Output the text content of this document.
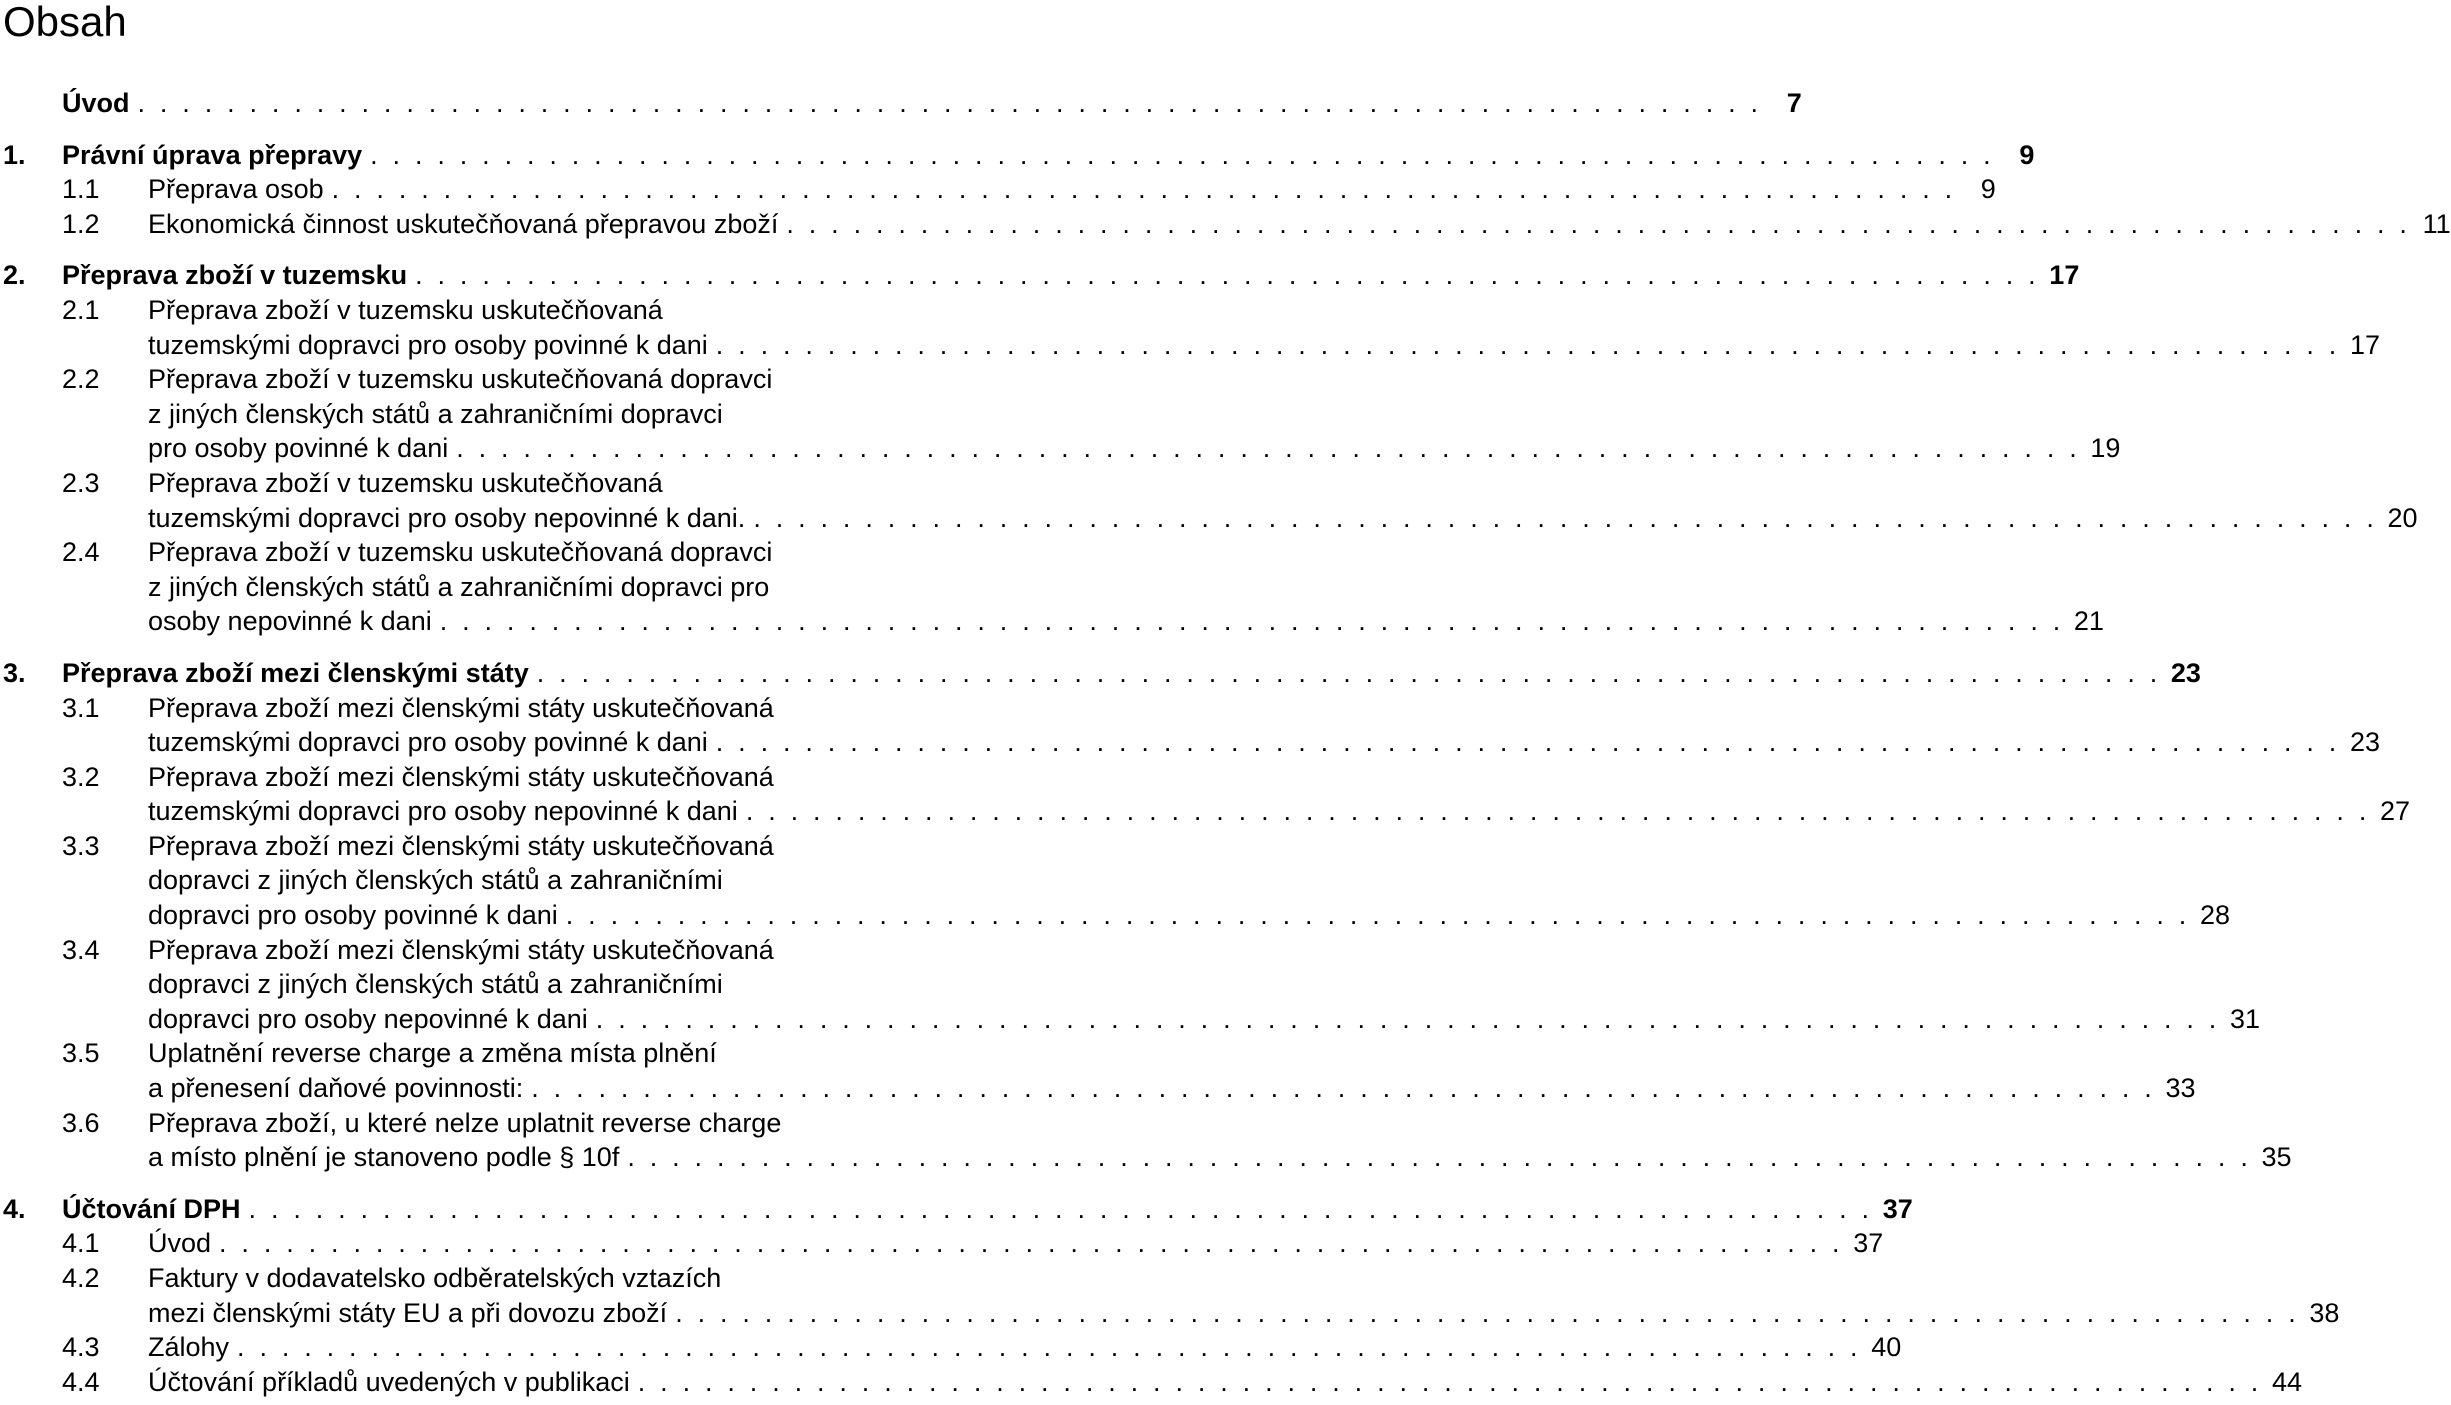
Obsah
Úvod . . . . . . . . . . . . . . . . . . . . . . . . . . . . . . . . . . . . . . . . . . . . . . . . . . . . . . . . . . . . . . . . . . . . . . . . . 7
1. Právní úprava přepravy . . . . . . . . . . . . . . . . . . . . . . . . . . . . . . . . . . . . . . . . . . . . . . . . . . . . . . . . . . . . . . . . . . . . . . . . . 9
1.1 Přeprava osob . . . . . . . . . . . . . . . . . . . . . . . . . . . . . . . . . . . . . . . . . . . . . . . . . . . . . . . . . . . . . . . . . . . . . . . . . 9
1.2 Ekonomická činnost uskutečňovaná přepravou zboží . . . . . . . . . . . . . . . . . . . . . . . . . . . . . . . . . . . . . . . . . . . . . . . . . . . . . . . . . . . . . . . . . . . . . . . . . 11
2. Přeprava zboží v tuzemsku . . . . . . . . . . . . . . . . . . . . . . . . . . . . . . . . . . . . . . . . . . . . . . . . . . . . . . . . . . . . . . . . . . . . . . . . . 17
2.1 Přeprava zboží v tuzemsku uskutečňovaná
tuzemskými dopravci pro osoby povinné k dani . . . . . . . . . . . . . . . . . . . . . . . . . . . . . . . . . . . . . . . . . . . . . . . . . . . . . . . . . . . . . . . . . . . . . . . . . 17
2.2 Přeprava zboží v tuzemsku uskutečňovaná dopravci
z jiných členských států a zahraničními dopravci
pro osoby povinné k dani . . . . . . . . . . . . . . . . . . . . . . . . . . . . . . . . . . . . . . . . . . . . . . . . . . . . . . . . . . . . . . . . . . . . . . . . . 19
2.3 Přeprava zboží v tuzemsku uskutečňovaná
tuzemskými dopravci pro osoby nepovinné k dani. . . . . . . . . . . . . . . . . . . . . . . . . . . . . . . . . . . . . . . . . . . . . . . . . . . . . . . . . . . . . . . . . . . . . . . . . . 20
2.4 Přeprava zboží v tuzemsku uskutečňovaná dopravci
z jiných členských států a zahraničními dopravci pro
osoby nepovinné k dani . . . . . . . . . . . . . . . . . . . . . . . . . . . . . . . . . . . . . . . . . . . . . . . . . . . . . . . . . . . . . . . . . . . . . . . . . 21
3. Přeprava zboží mezi členskými státy . . . . . . . . . . . . . . . . . . . . . . . . . . . . . . . . . . . . . . . . . . . . . . . . . . . . . . . . . . . . . . . . . . . . . . . . . 23
3.1 Přeprava zboží mezi členskými státy uskutečňovaná
tuzemskými dopravci pro osoby povinné k dani . . . . . . . . . . . . . . . . . . . . . . . . . . . . . . . . . . . . . . . . . . . . . . . . . . . . . . . . . . . . . . . . . . . . . . . . . 23
3.2 Přeprava zboží mezi členskými státy uskutečňovaná
tuzemskými dopravci pro osoby nepovinné k dani . . . . . . . . . . . . . . . . . . . . . . . . . . . . . . . . . . . . . . . . . . . . . . . . . . . . . . . . . . . . . . . . . . . . . . . . . 27
3.3 Přeprava zboží mezi členskými státy uskutečňovaná
dopravci z jiných členských států a zahraničními
dopravci pro osoby povinné k dani . . . . . . . . . . . . . . . . . . . . . . . . . . . . . . . . . . . . . . . . . . . . . . . . . . . . . . . . . . . . . . . . . . . . . . . . . 28
3.4 Přeprava zboží mezi členskými státy uskutečňovaná
dopravci z jiných členských států a zahraničními
dopravci pro osoby nepovinné k dani . . . . . . . . . . . . . . . . . . . . . . . . . . . . . . . . . . . . . . . . . . . . . . . . . . . . . . . . . . . . . . . . . . . . . . . . . 31
3.5 Uplatnění reverse charge a změna místa plnění
a přenesení daňové povinnosti: . . . . . . . . . . . . . . . . . . . . . . . . . . . . . . . . . . . . . . . . . . . . . . . . . . . . . . . . . . . . . . . . . . . . . . . . . 33
3.6 Přeprava zboží, u které nelze uplatnit reverse charge
a místo plnění je stanoveno podle § 10f . . . . . . . . . . . . . . . . . . . . . . . . . . . . . . . . . . . . . . . . . . . . . . . . . . . . . . . . . . . . . . . . . . . . . . . . . 35
4. Účtování DPH . . . . . . . . . . . . . . . . . . . . . . . . . . . . . . . . . . . . . . . . . . . . . . . . . . . . . . . . . . . . . . . . . . . . . . . . . 37
4.1 Úvod . . . . . . . . . . . . . . . . . . . . . . . . . . . . . . . . . . . . . . . . . . . . . . . . . . . . . . . . . . . . . . . . . . . . . . . . . 37
4.2 Faktury v dodavatelsko odběratelských vztazích
mezi členskými státy EU a při dovozu zboží . . . . . . . . . . . . . . . . . . . . . . . . . . . . . . . . . . . . . . . . . . . . . . . . . . . . . . . . . . . . . . . . . . . . . . . . . 38
4.3 Zálohy . . . . . . . . . . . . . . . . . . . . . . . . . . . . . . . . . . . . . . . . . . . . . . . . . . . . . . . . . . . . . . . . . . . . . . . . . 40
4.4 Účtování příkladů uvedených v publikaci . . . . . . . . . . . . . . . . . . . . . . . . . . . . . . . . . . . . . . . . . . . . . . . . . . . . . . . . . . . . . . . . . . . . . . . . . 44
